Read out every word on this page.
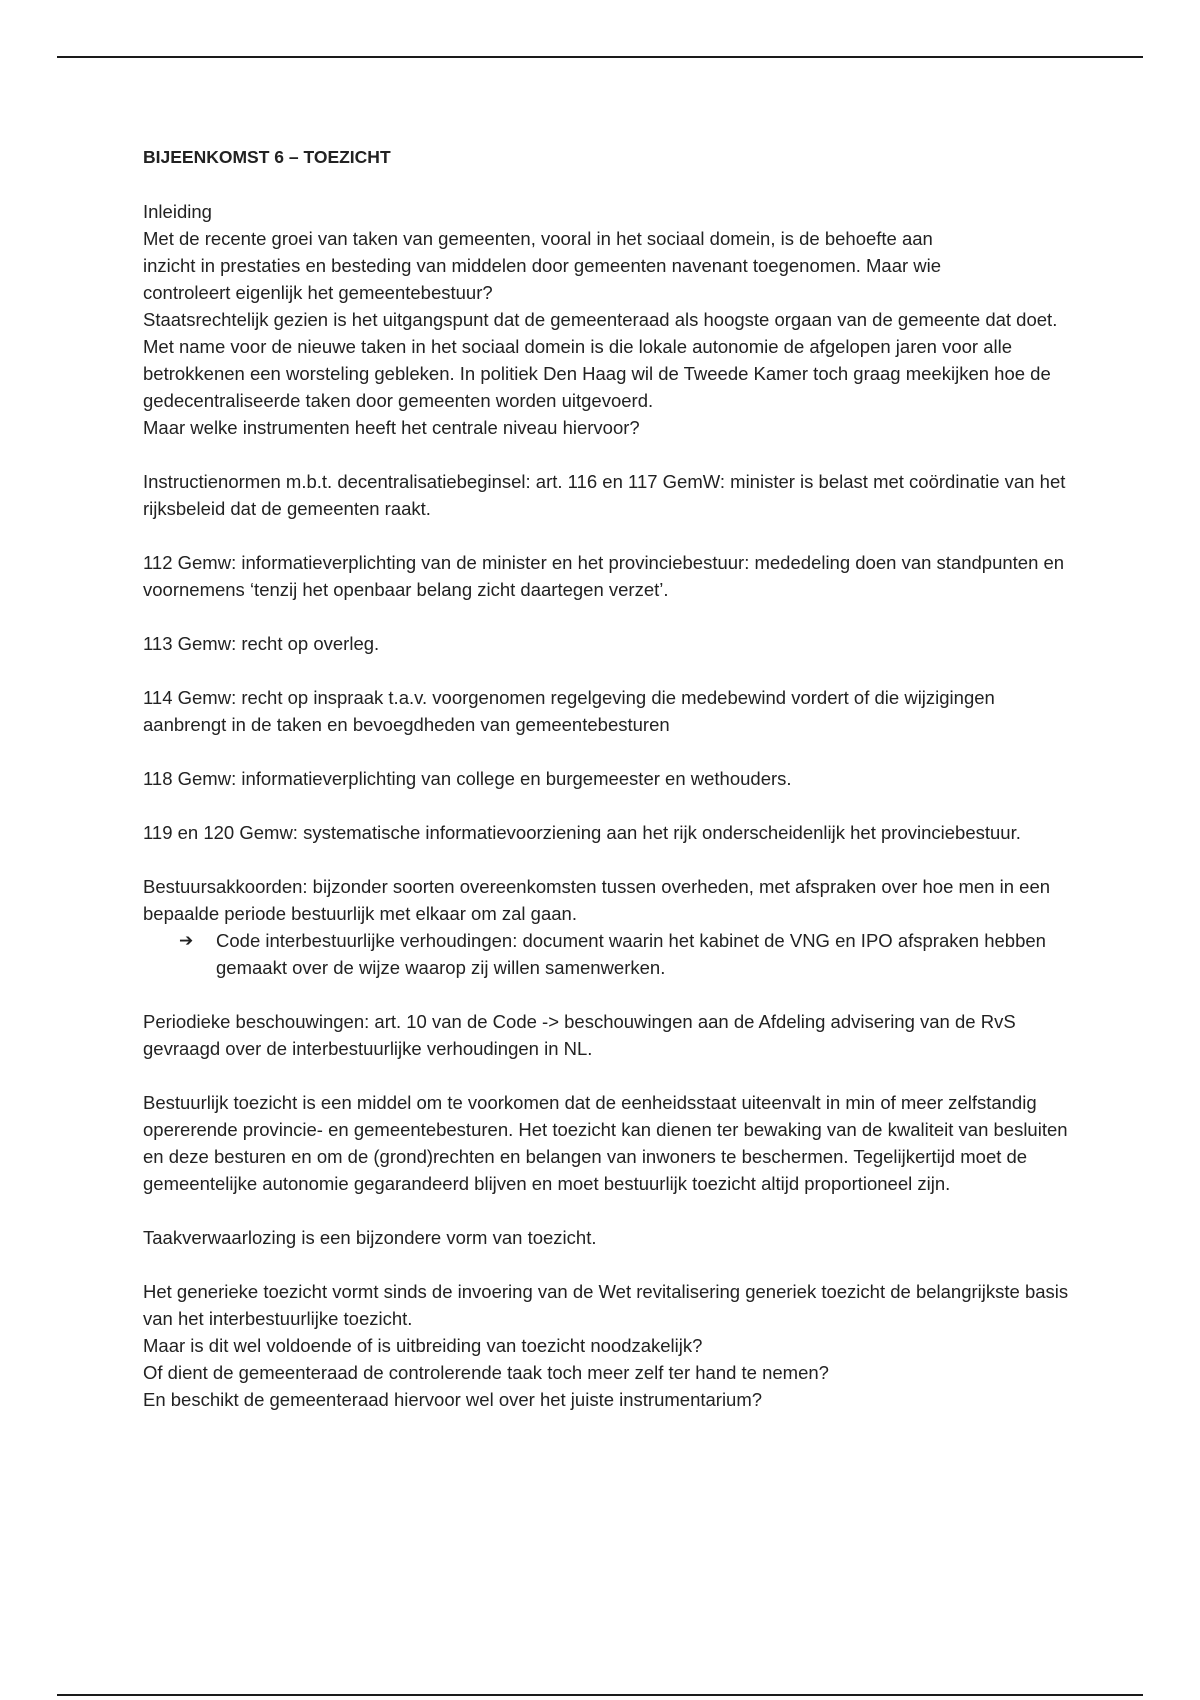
BIJEENKOMST 6 – TOEZICHT

Inleiding

Met de recente groei van taken van gemeenten, vooral in het sociaal domein, is de behoefte aan inzicht in prestaties en besteding van middelen door gemeenten navenant toegenomen. Maar wie controleert eigenlijk het gemeentebestuur?

Staatsrechtelijk gezien is het uitgangspunt dat de gemeenteraad als hoogste orgaan van de gemeente dat doet. Met name voor de nieuwe taken in het sociaal domein is die lokale autonomie de afgelopen jaren voor alle betrokkenen een worsteling gebleken. In politiek Den Haag wil de Tweede Kamer toch graag meekijken hoe de gedecentraliseerde taken door gemeenten worden uitgevoerd.

Maar welke instrumenten heeft het centrale niveau hiervoor?

Instructienormen m.b.t. decentralisatiebeginsel: art. 116 en 117 GemW: minister is belast met coördinatie van het rijksbeleid dat de gemeenten raakt.

112 Gemw: informatieverplichting van de minister en het provinciebestuur: mededeling doen van standpunten en voornemens ‘tenzij het openbaar belang zicht daartegen verzet’.

113 Gemw: recht op overleg.

114 Gemw: recht op inspraak t.a.v. voorgenomen regelgeving die medebewind vordert of die wijzigingen aanbrengt in de taken en bevoegdheden van gemeentebesturen

118 Gemw: informatieverplichting van college en burgemeester en wethouders.

119 en 120 Gemw: systematische informatievoorziening aan het rijk onderscheidenlijk het provinciebestuur.

Bestuursakkoorden: bijzonder soorten overeenkomsten tussen overheden, met afspraken over hoe men in een bepaalde periode bestuurlijk met elkaar om zal gaan.

➔ Code interbestuurlijke verhoudingen: document waarin het kabinet de VNG en IPO afspraken hebben gemaakt over de wijze waarop zij willen samenwerken.

Periodieke beschouwingen: art. 10 van de Code -> beschouwingen aan de Afdeling advisering van de RvS gevraagd over de interbestuurlijke verhoudingen in NL.

Bestuurlijk toezicht is een middel om te voorkomen dat de eenheidsstaat uiteenvalt in min of meer zelfstandig opererende provincie- en gemeentebesturen. Het toezicht kan dienen ter bewaking van de kwaliteit van besluiten en deze besturen en om de (grond)rechten en belangen van inwoners te beschermen. Tegelijkertijd moet de gemeentelijke autonomie gegarandeerd blijven en moet bestuurlijk toezicht altijd proportioneel zijn.

Taakverwaarlozing is een bijzondere vorm van toezicht.

Het generieke toezicht vormt sinds de invoering van de Wet revitalisering generiek toezicht de belangrijkste basis van het interbestuurlijke toezicht.

Maar is dit wel voldoende of is uitbreiding van toezicht noodzakelijk?

Of dient de gemeenteraad de controlerende taak toch meer zelf ter hand te nemen?

En beschikt de gemeenteraad hiervoor wel over het juiste instrumentarium?
